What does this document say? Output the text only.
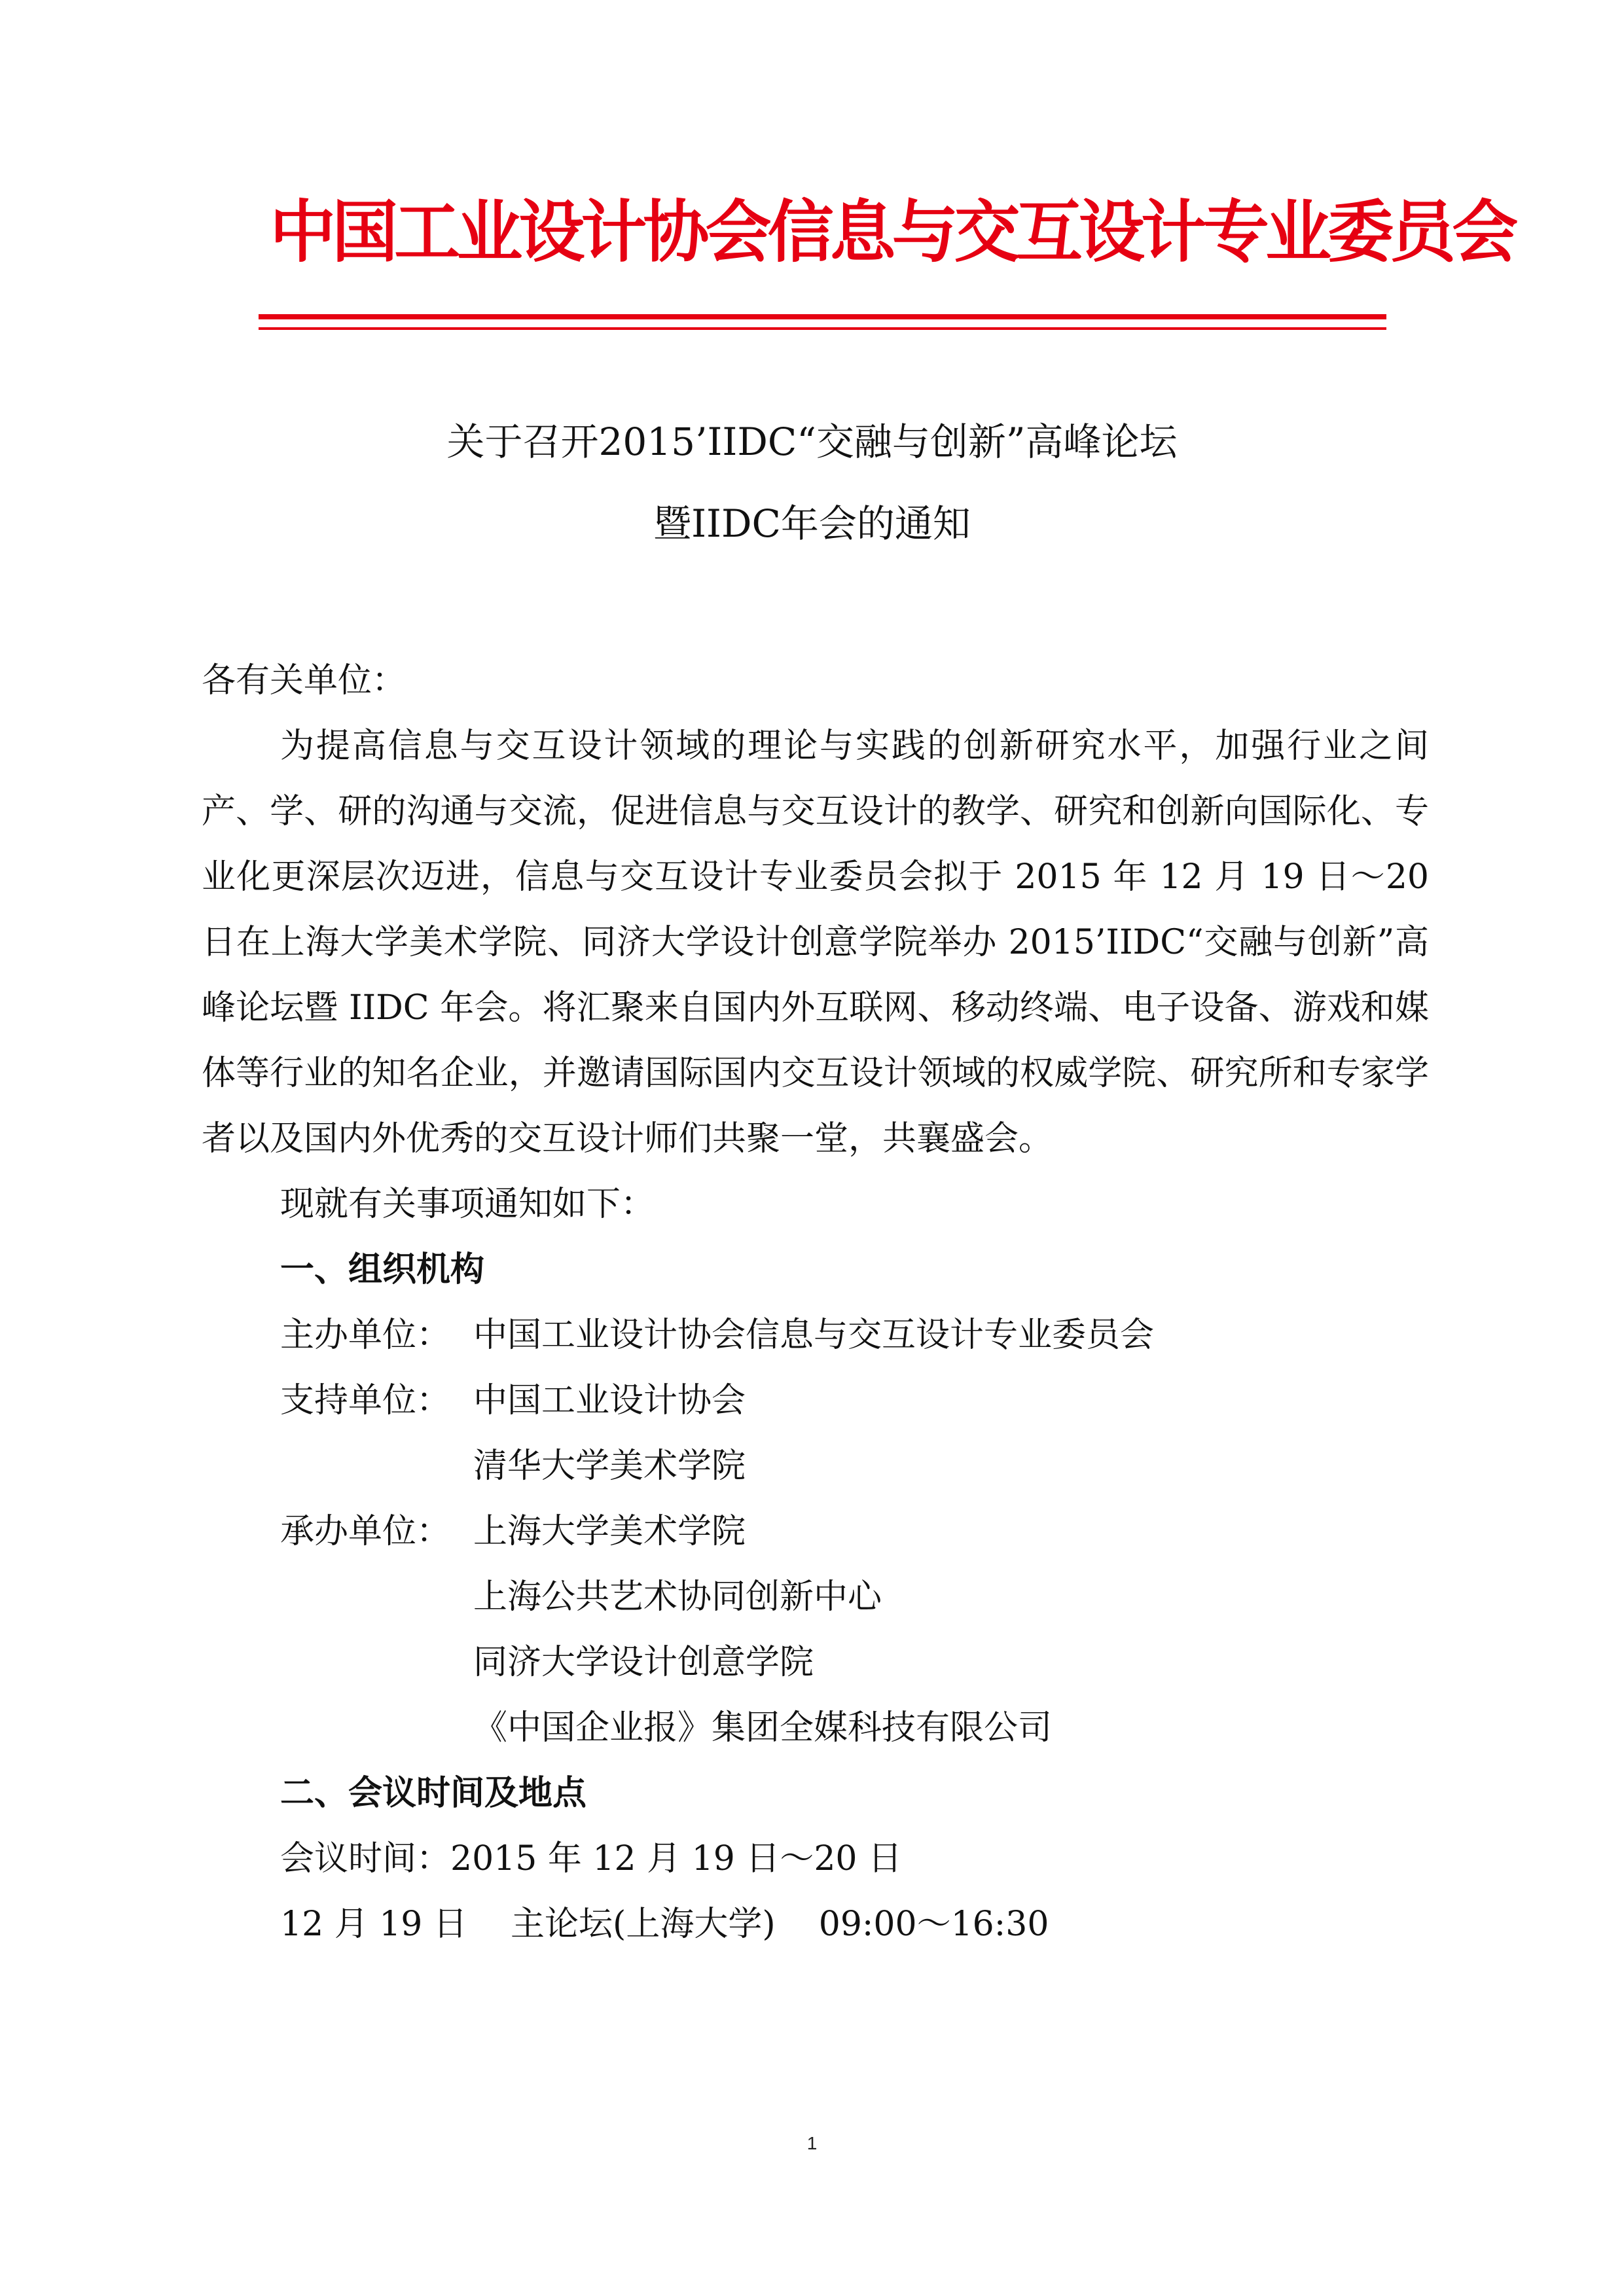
中国工业设计协会信息与交互设计专业委员会
关于召开2015’IIDC“交融与创新”高峰论坛
暨IIDC年会的通知

各有关单位：

为提高信息与交互设计领域的理论与实践的创新研究水平，加强行业之间产、学、研的沟通与交流，促进信息与交互设计的教学、研究和创新向国际化、专业化更深层次迈进，信息与交互设计专业委员会拟于 2015 年 12 月 19 日～20 日在上海大学美术学院、同济大学设计创意学院举办 2015’IIDC“交融与创新”高峰论坛暨 IIDC 年会。将汇聚来自国内外互联网、移动终端、电子设备、游戏和媒体等行业的知名企业，并邀请国际国内交互设计领域的权威学院、研究所和专家学者以及国内外优秀的交互设计师们共聚一堂，共襄盛会。

现就有关事项通知如下：

一、组织机构

主办单位： 中国工业设计协会信息与交互设计专业委员会
支持单位： 中国工业设计协会
清华大学美术学院
承办单位： 上海大学美术学院
上海公共艺术协同创新中心
同济大学设计创意学院
《中国企业报》集团全媒科技有限公司

二、会议时间及地点

会议时间：2015 年 12 月 19 日～20 日

12 月 19 日    主论坛(上海大学)    09:00～16:30

1
